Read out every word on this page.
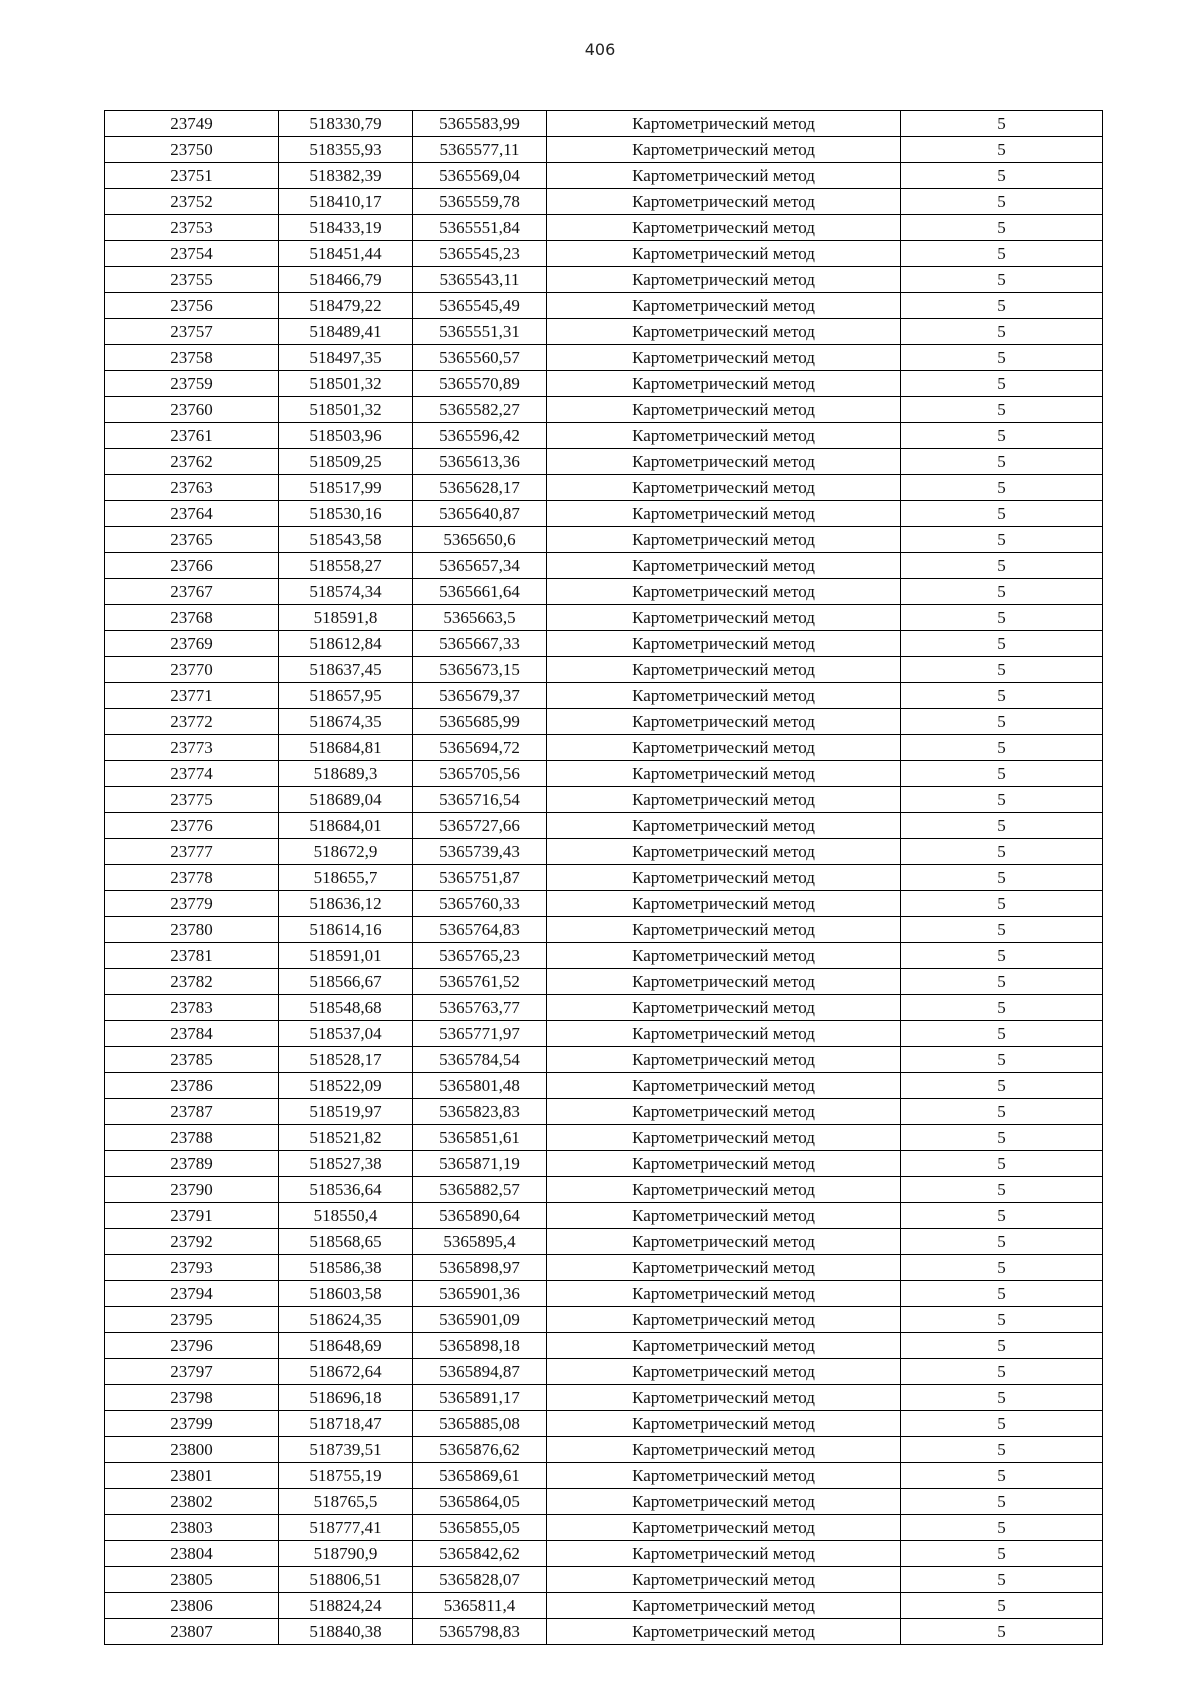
406
23749	518330,79	5365583,99	Картометрический метод	5
23750	518355,93	5365577,11	Картометрический метод	5
23751	518382,39	5365569,04	Картометрический метод	5
23752	518410,17	5365559,78	Картометрический метод	5
23753	518433,19	5365551,84	Картометрический метод	5
23754	518451,44	5365545,23	Картометрический метод	5
23755	518466,79	5365543,11	Картометрический метод	5
23756	518479,22	5365545,49	Картометрический метод	5
23757	518489,41	5365551,31	Картометрический метод	5
23758	518497,35	5365560,57	Картометрический метод	5
23759	518501,32	5365570,89	Картометрический метод	5
23760	518501,32	5365582,27	Картометрический метод	5
23761	518503,96	5365596,42	Картометрический метод	5
23762	518509,25	5365613,36	Картометрический метод	5
23763	518517,99	5365628,17	Картометрический метод	5
23764	518530,16	5365640,87	Картометрический метод	5
23765	518543,58	5365650,6	Картометрический метод	5
23766	518558,27	5365657,34	Картометрический метод	5
23767	518574,34	5365661,64	Картометрический метод	5
23768	518591,8	5365663,5	Картометрический метод	5
23769	518612,84	5365667,33	Картометрический метод	5
23770	518637,45	5365673,15	Картометрический метод	5
23771	518657,95	5365679,37	Картометрический метод	5
23772	518674,35	5365685,99	Картометрический метод	5
23773	518684,81	5365694,72	Картометрический метод	5
23774	518689,3	5365705,56	Картометрический метод	5
23775	518689,04	5365716,54	Картометрический метод	5
23776	518684,01	5365727,66	Картометрический метод	5
23777	518672,9	5365739,43	Картометрический метод	5
23778	518655,7	5365751,87	Картометрический метод	5
23779	518636,12	5365760,33	Картометрический метод	5
23780	518614,16	5365764,83	Картометрический метод	5
23781	518591,01	5365765,23	Картометрический метод	5
23782	518566,67	5365761,52	Картометрический метод	5
23783	518548,68	5365763,77	Картометрический метод	5
23784	518537,04	5365771,97	Картометрический метод	5
23785	518528,17	5365784,54	Картометрический метод	5
23786	518522,09	5365801,48	Картометрический метод	5
23787	518519,97	5365823,83	Картометрический метод	5
23788	518521,82	5365851,61	Картометрический метод	5
23789	518527,38	5365871,19	Картометрический метод	5
23790	518536,64	5365882,57	Картометрический метод	5
23791	518550,4	5365890,64	Картометрический метод	5
23792	518568,65	5365895,4	Картометрический метод	5
23793	518586,38	5365898,97	Картометрический метод	5
23794	518603,58	5365901,36	Картометрический метод	5
23795	518624,35	5365901,09	Картометрический метод	5
23796	518648,69	5365898,18	Картометрический метод	5
23797	518672,64	5365894,87	Картометрический метод	5
23798	518696,18	5365891,17	Картометрический метод	5
23799	518718,47	5365885,08	Картометрический метод	5
23800	518739,51	5365876,62	Картометрический метод	5
23801	518755,19	5365869,61	Картометрический метод	5
23802	518765,5	5365864,05	Картометрический метод	5
23803	518777,41	5365855,05	Картометрический метод	5
23804	518790,9	5365842,62	Картометрический метод	5
23805	518806,51	5365828,07	Картометрический метод	5
23806	518824,24	5365811,4	Картометрический метод	5
23807	518840,38	5365798,83	Картометрический метод	5
